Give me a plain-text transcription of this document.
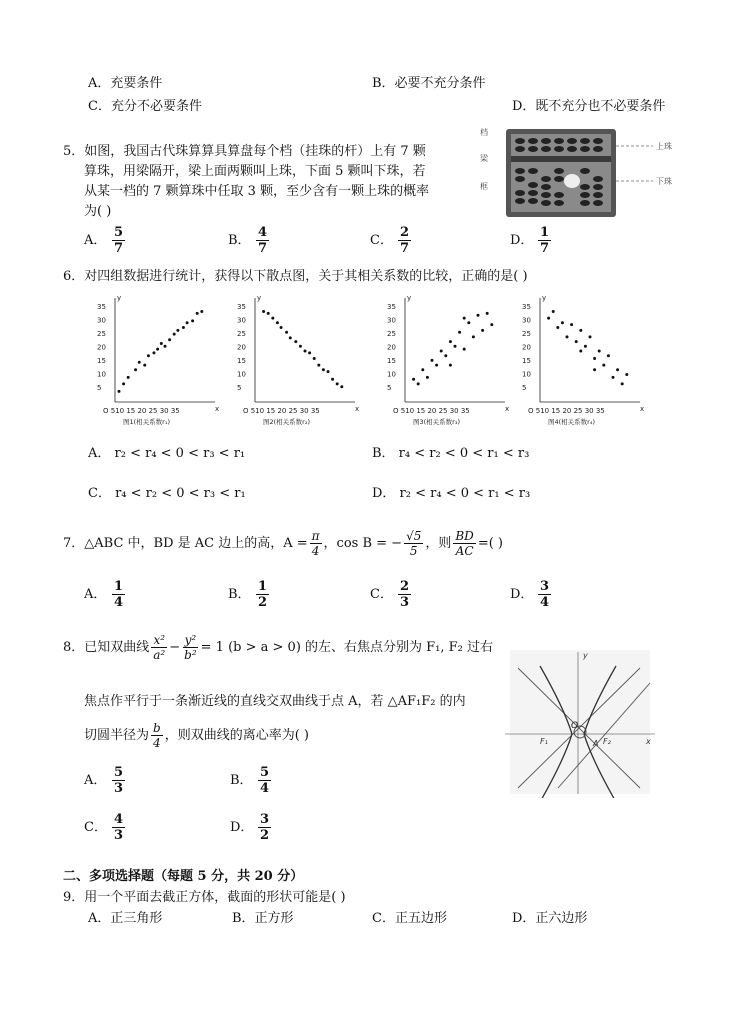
A．充要条件	B．必要不充分条件
C．充分不必要条件	D．既不充分也不必要条件
5．如图，我国古代珠算算具算盘每个档（挂珠的杆）上有 7 颗
算珠，用梁隔开，梁上面两颗叫上珠，下面 5 颗叫下珠，若
从某一档的 7 颗算珠中任取 3 颗，至少含有一颗上珠的概率
为( )
档
梁
框
上珠
下珠
A． $\frac{5}{7}$	B． $\frac{4}{7}$	C． $\frac{2}{7}$	D． $\frac{1}{7}$
6．对四组数据进行统计，获得以下散点图，关于其相关系数的比较，正确的是( )
35
30
25
20
15
10
5
O 510 15 20 25 30 35	x
y
图1(相关系数r₁)
35
30
25
20
15
10
5
O 510 15 20 25 30 35	x
y
图2(相关系数r₂)
35
30
25
20
15
10
5
O 510 15 20 25 30 35	x
y
图3(相关系数r₃)
35
30
25
20
15
10
5
O 510 15 20 25 30 35	x
y
图4(相关系数r₄)
A． r₂ < r₄ < 0 < r₃ < r₁	B． r₄ < r₂ < 0 < r₁ < r₃
C． r₄ < r₂ < 0 < r₃ < r₁	D． r₂ < r₄ < 0 < r₁ < r₃
7．△ABC 中，BD 是 AC 边上的高，$A = \frac{\pi}{4}$ ，cos B = − $\frac{√5}{5}$ ，则 $\frac{BD}{AC}$ =( )
A． $\frac{1}{4}$	B． $\frac{1}{2}$	C． $\frac{2}{3}$	D． $\frac{3}{4}$
8．已知双曲线 $\frac{\text{x²}}{\text{a²}} - \frac{\text{y²}}{\text{b²}} = 1$ (b > a > 0) 的左、右焦点分别为 F₁, F₂ 过右
焦点作平行于一条渐近线的直线交双曲线于点 A，若 △AF₁F₂ 的内
切圆半径为 $\frac{b}{4}$ ，则双曲线的离心率为( )
A． $\frac{5}{3}$	B． $\frac{5}{4}$
C． $\frac{4}{3}$	D． $\frac{3}{2}$
y
x
O
F₁	F₂
A
二、多项选择题（每题 5 分，共 20 分）
9．用一个平面去截正方体，截面的形状可能是( )
A．正三角形	B．正方形	C．正五边形	D．正六边形
